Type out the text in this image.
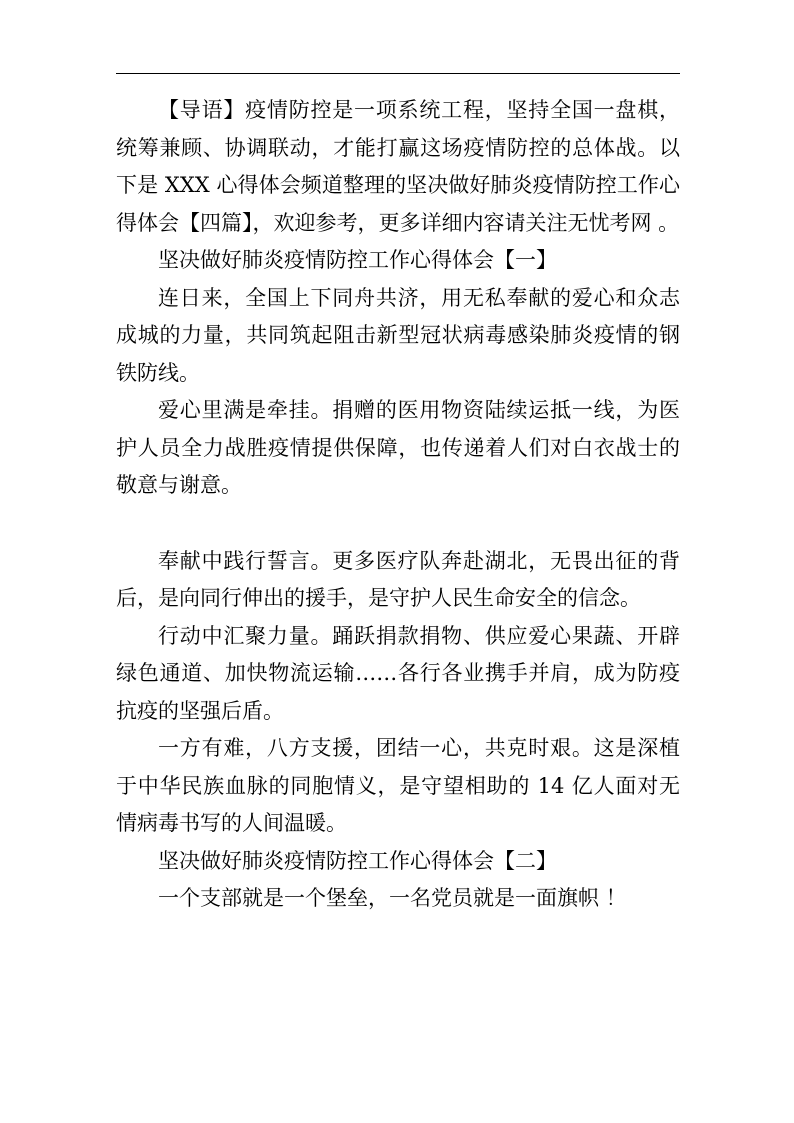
【导语】疫情防控是一项系统工程，坚持全国一盘棋，统筹兼顾、协调联动，才能打赢这场疫情防控的总体战。以下是 XXX 心得体会频道整理的坚决做好肺炎疫情防控工作心得体会【四篇】，欢迎参考，更多详细内容请关注无忧考网 。

坚决做好肺炎疫情防控工作心得体会【一】

连日来，全国上下同舟共济，用无私奉献的爱心和众志成城的力量，共同筑起阻击新型冠状病毒感染肺炎疫情的钢铁防线。

爱心里满是牵挂。捐赠的医用物资陆续运抵一线，为医护人员全力战胜疫情提供保障，也传递着人们对白衣战士的敬意与谢意。

奉献中践行誓言。更多医疗队奔赴湖北，无畏出征的背后，是向同行伸出的援手，是守护人民生命安全的信念。

行动中汇聚力量。踊跃捐款捐物、供应爱心果蔬、开辟绿色通道、加快物流运输……各行各业携手并肩，成为防疫抗疫的坚强后盾。

一方有难，八方支援，团结一心，共克时艰。这是深植于中华民族血脉的同胞情义，是守望相助的 14 亿人面对无情病毒书写的人间温暖。

坚决做好肺炎疫情防控工作心得体会【二】

一个支部就是一个堡垒，一名党员就是一面旗帜 ！
